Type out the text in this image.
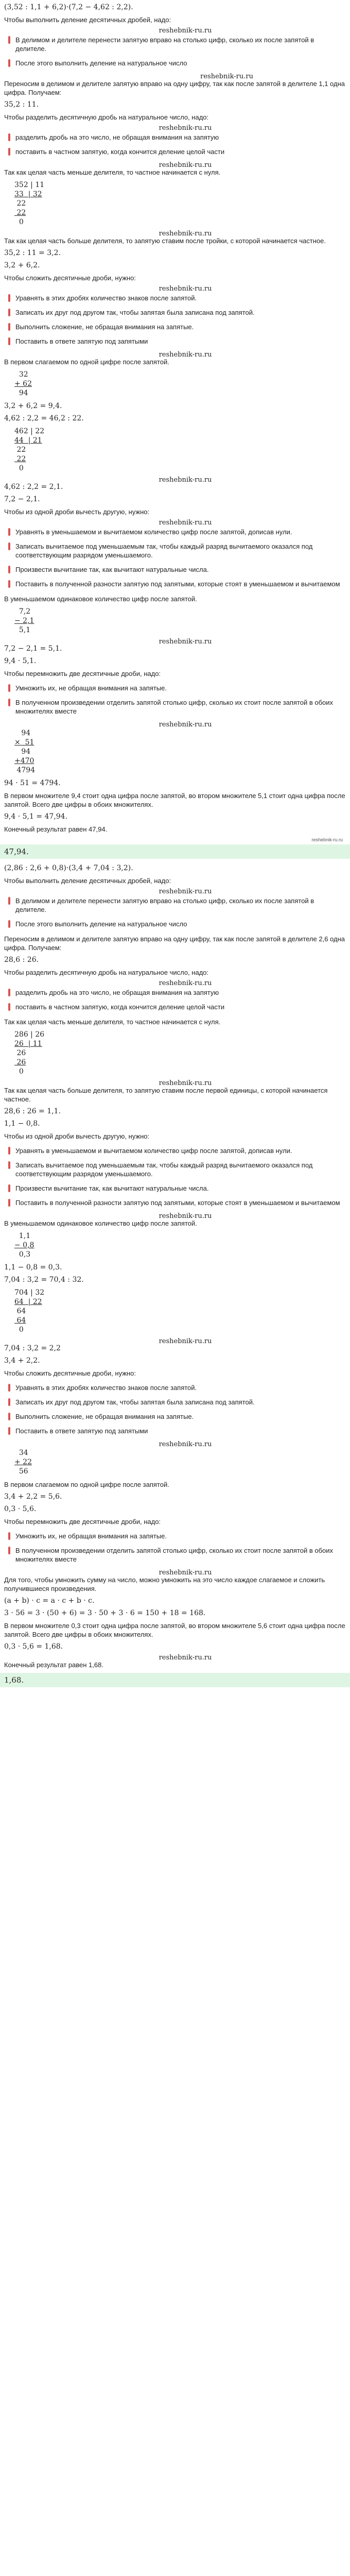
(3,52 : 1,1 + 6,2)·(7,2 − 4,62 : 2,2).
Чтобы выполнить деление десятичных дробей, надо:
reshebnik-ru.ru
В делимом и делителе перенести запятую вправо на столько цифр, сколько их после запятой в делителе.
После этого выполнить деление на натуральное число
reshebnik-ru.ru
Переносим в делимом и делителе запятую вправо на одну цифру, так как после запятой в делителе 1,1 одна цифра. Получаем:
35,2 : 11.
Чтобы разделить десятичную дробь на натуральное число, надо:
reshebnik-ru.ru
разделить дробь на это число, не обращая внимания на запятую
поставить в частном запятую, когда кончится деление целой части
reshebnik-ru.ru
Так как целая часть меньше делителя, то частное начинается с нуля.
352 | 11
33  | 32
22
22
0
reshebnik-ru.ru
Так как целая часть больше делителя, то запятую ставим после тройки, с которой начинается частное.
35,2 : 11 = 3,2.
3,2 + 6,2.
Чтобы сложить десятичные дроби, нужно:
reshebnik-ru.ru
Уравнять в этих дробях количество знаков после запятой.
Записать их друг под другом так, чтобы запятая была записана под запятой.
Выполнить сложение, не обращая внимания на запятые.
Поставить в ответе запятую под запятыми
reshebnik-ru.ru
В первом слагаемом по одной цифре после запятой.
32
+ 62
94
3,2 + 6,2 = 9,4.
4,62 : 2,2 = 46,2 : 22.
462 | 22
44  | 21
22
22
0
reshebnik-ru.ru
4,62 : 2,2 = 2,1.
7,2 − 2,1.
Чтобы из одной дроби вычесть другую, нужно:
reshebnik-ru.ru
Уравнять в уменьшаемом и вычитаемом количество цифр после запятой, дописав нули.
Записать вычитаемое под уменьшаемым так, чтобы каждый разряд вычитаемого оказался под соответствующим разрядом уменьшаемого.
Произвести вычитание так, как вычитают натуральные числа.
Поставить в полученной разности запятую под запятыми, которые стоят в уменьшаемом и вычитаемом
В уменьшаемом одинаковое количество цифр после запятой.
7,2
− 2,1
5,1
reshebnik-ru.ru
7,2 − 2,1 = 5,1.
9,4 · 5,1.
Чтобы перемножить две десятичные дроби, надо:
Умножить их, не обращая внимания на запятые.
В полученном произведении отделить запятой столько цифр, сколько их стоит после запятой в обоих множителях вместе
reshebnik-ru.ru
94
×  51
94
+470
4794
94 · 51 = 4794.
В первом множителе 9,4 стоит одна цифра после запятой, во втором множителе 5,1 стоит одна цифра после запятой. Всего две цифры в обоих множителях.
9,4 · 5,1 = 47,94.
Конечный результат равен 47,94.
reshebnik-ru.ru
47,94.
(2,86 : 2,6 + 0,8)·(3,4 + 7,04 : 3,2).
Чтобы выполнить деление десятичных дробей, надо:
reshebnik-ru.ru
В делимом и делителе перенести запятую вправо на столько цифр, сколько их после запятой в делителе.
После этого выполнить деление на натуральное число
Переносим в делимом и делителе запятую вправо на одну цифру, так как после запятой в делителе 2,6 одна цифра. Получаем:
28,6 : 26.
Чтобы разделить десятичную дробь на натуральное число, надо:
reshebnik-ru.ru
разделить дробь на это число, не обращая внимания на запятую
поставить в частном запятую, когда кончится деление целой части
Так как целая часть меньше делителя, то частное начинается с нуля.
286 | 26
26  | 11
26
26
0
reshebnik-ru.ru
Так как целая часть больше делителя, то запятую ставим после первой единицы, с которой начинается частное.
28,6 : 26 = 1,1.
1,1 − 0,8.
Чтобы из одной дроби вычесть другую, нужно:
Уравнять в уменьшаемом и вычитаемом количество цифр после запятой, дописав нули.
Записать вычитаемое под уменьшаемым так, чтобы каждый разряд вычитаемого оказался под соответствующим разрядом уменьшаемого.
Произвести вычитание так, как вычитают натуральные числа.
Поставить в полученной разности запятую под запятыми, которые стоят в уменьшаемом и вычитаемом
reshebnik-ru.ru
В уменьшаемом одинаковое количество цифр после запятой.
1,1
− 0,8
0,3
1,1 − 0,8 = 0,3.
7,04 : 3,2 = 70,4 : 32.
704 | 32
64  | 22
64
64
0
reshebnik-ru.ru
7,04 : 3,2 = 2,2
3,4 + 2,2.
Чтобы сложить десятичные дроби, нужно:
Уравнять в этих дробях количество знаков после запятой.
Записать их друг под другом так, чтобы запятая была записана под запятой.
Выполнить сложение, не обращая внимания на запятые.
Поставить в ответе запятую под запятыми
reshebnik-ru.ru
34
+ 22
56
В первом слагаемом по одной цифре после запятой.
3,4 + 2,2 = 5,6.
0,3 · 5,6.
Чтобы перемножить две десятичные дроби, надо:
Умножить их, не обращая внимания на запятые.
В полученном произведении отделить запятой столько цифр, сколько их стоит после запятой в обоих множителях вместе
reshebnik-ru.ru
Для того, чтобы умножить сумму на число, можно умножить на это число каждое слагаемое и сложить получившиеся произведения.
(a + b) · c = a · c + b · c.
3 · 56 = 3 · (50 + 6) = 3 · 50 + 3 · 6 = 150 + 18 = 168.
В первом множителе 0,3 стоит одна цифра после запятой, во втором множителе 5,6 стоит одна цифра после запятой. Всего две цифры в обоих множителях.
0,3 · 5,6 = 1,68.
reshebnik-ru.ru
Конечный результат равен 1,68.
1,68.
